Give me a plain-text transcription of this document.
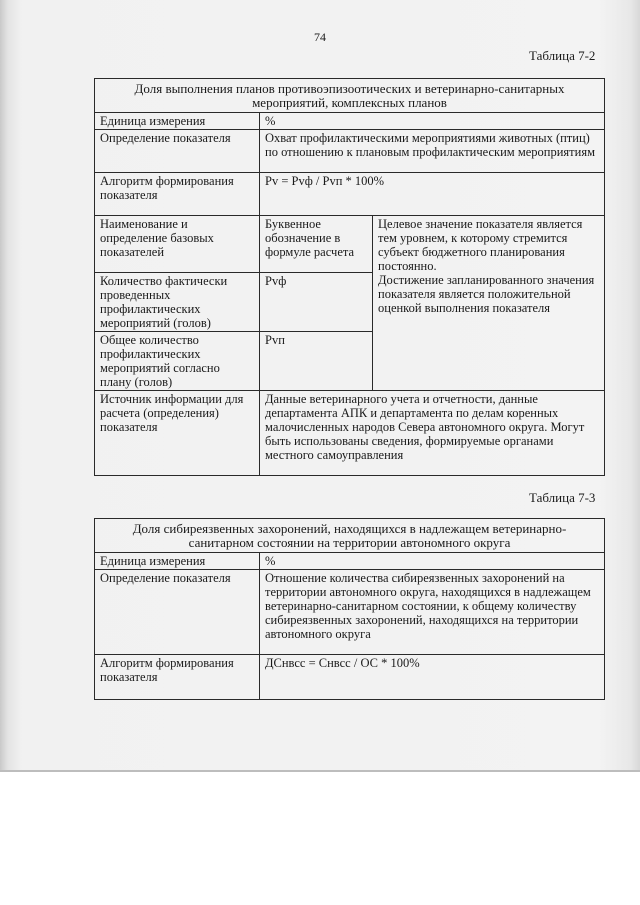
74
Таблица 7-2
Доля выполнения планов противоэпизоотических и ветеринарно-санитарных мероприятий, комплексных планов		
Единица измерения	%	
Определение показателя	Охват профилактическими мероприятиями животных (птиц) по отношению к плановым профилактическим мероприятиям	
Алгоритм формирования показателя	Рv = Рvф / Рvп * 100%	
Наименование и определение базовых показателей	Буквенное обозначение в формуле расчета	Целевое значение показателя является тем уровнем, к которому стремится субъект бюджетного планирования постоянно.
Достижение запланированного значения показателя является положительной оценкой выполнения показателя

Количество фактически проведенных профилактических мероприятий (голов)	Рvф	
Общее количество профилактических мероприятий согласно плану (голов)	Рvп	
Источник информации для расчета (определения) показателя	Данные ветеринарного учета и отчетности, данные департамента АПК и департамента по делам коренных малочисленных народов Севера автономного округа. Могут быть использованы сведения, формируемые органами местного самоуправления	
Таблица 7-3
Доля сибиреязвенных захоронений, находящихся в надлежащем ветеринарно-санитарном состоянии на территории автономного округа	
Единица измерения	%
Определение показателя	Отношение количества сибиреязвенных захоронений на территории автономного округа, находящихся в надлежащем ветеринарно-санитарном состоянии, к общему количеству сибиреязвенных захоронений, находящихся на территории автономного округа
Алгоритм формирования показателя	ДСнвсс = Снвсс / ОС * 100%
